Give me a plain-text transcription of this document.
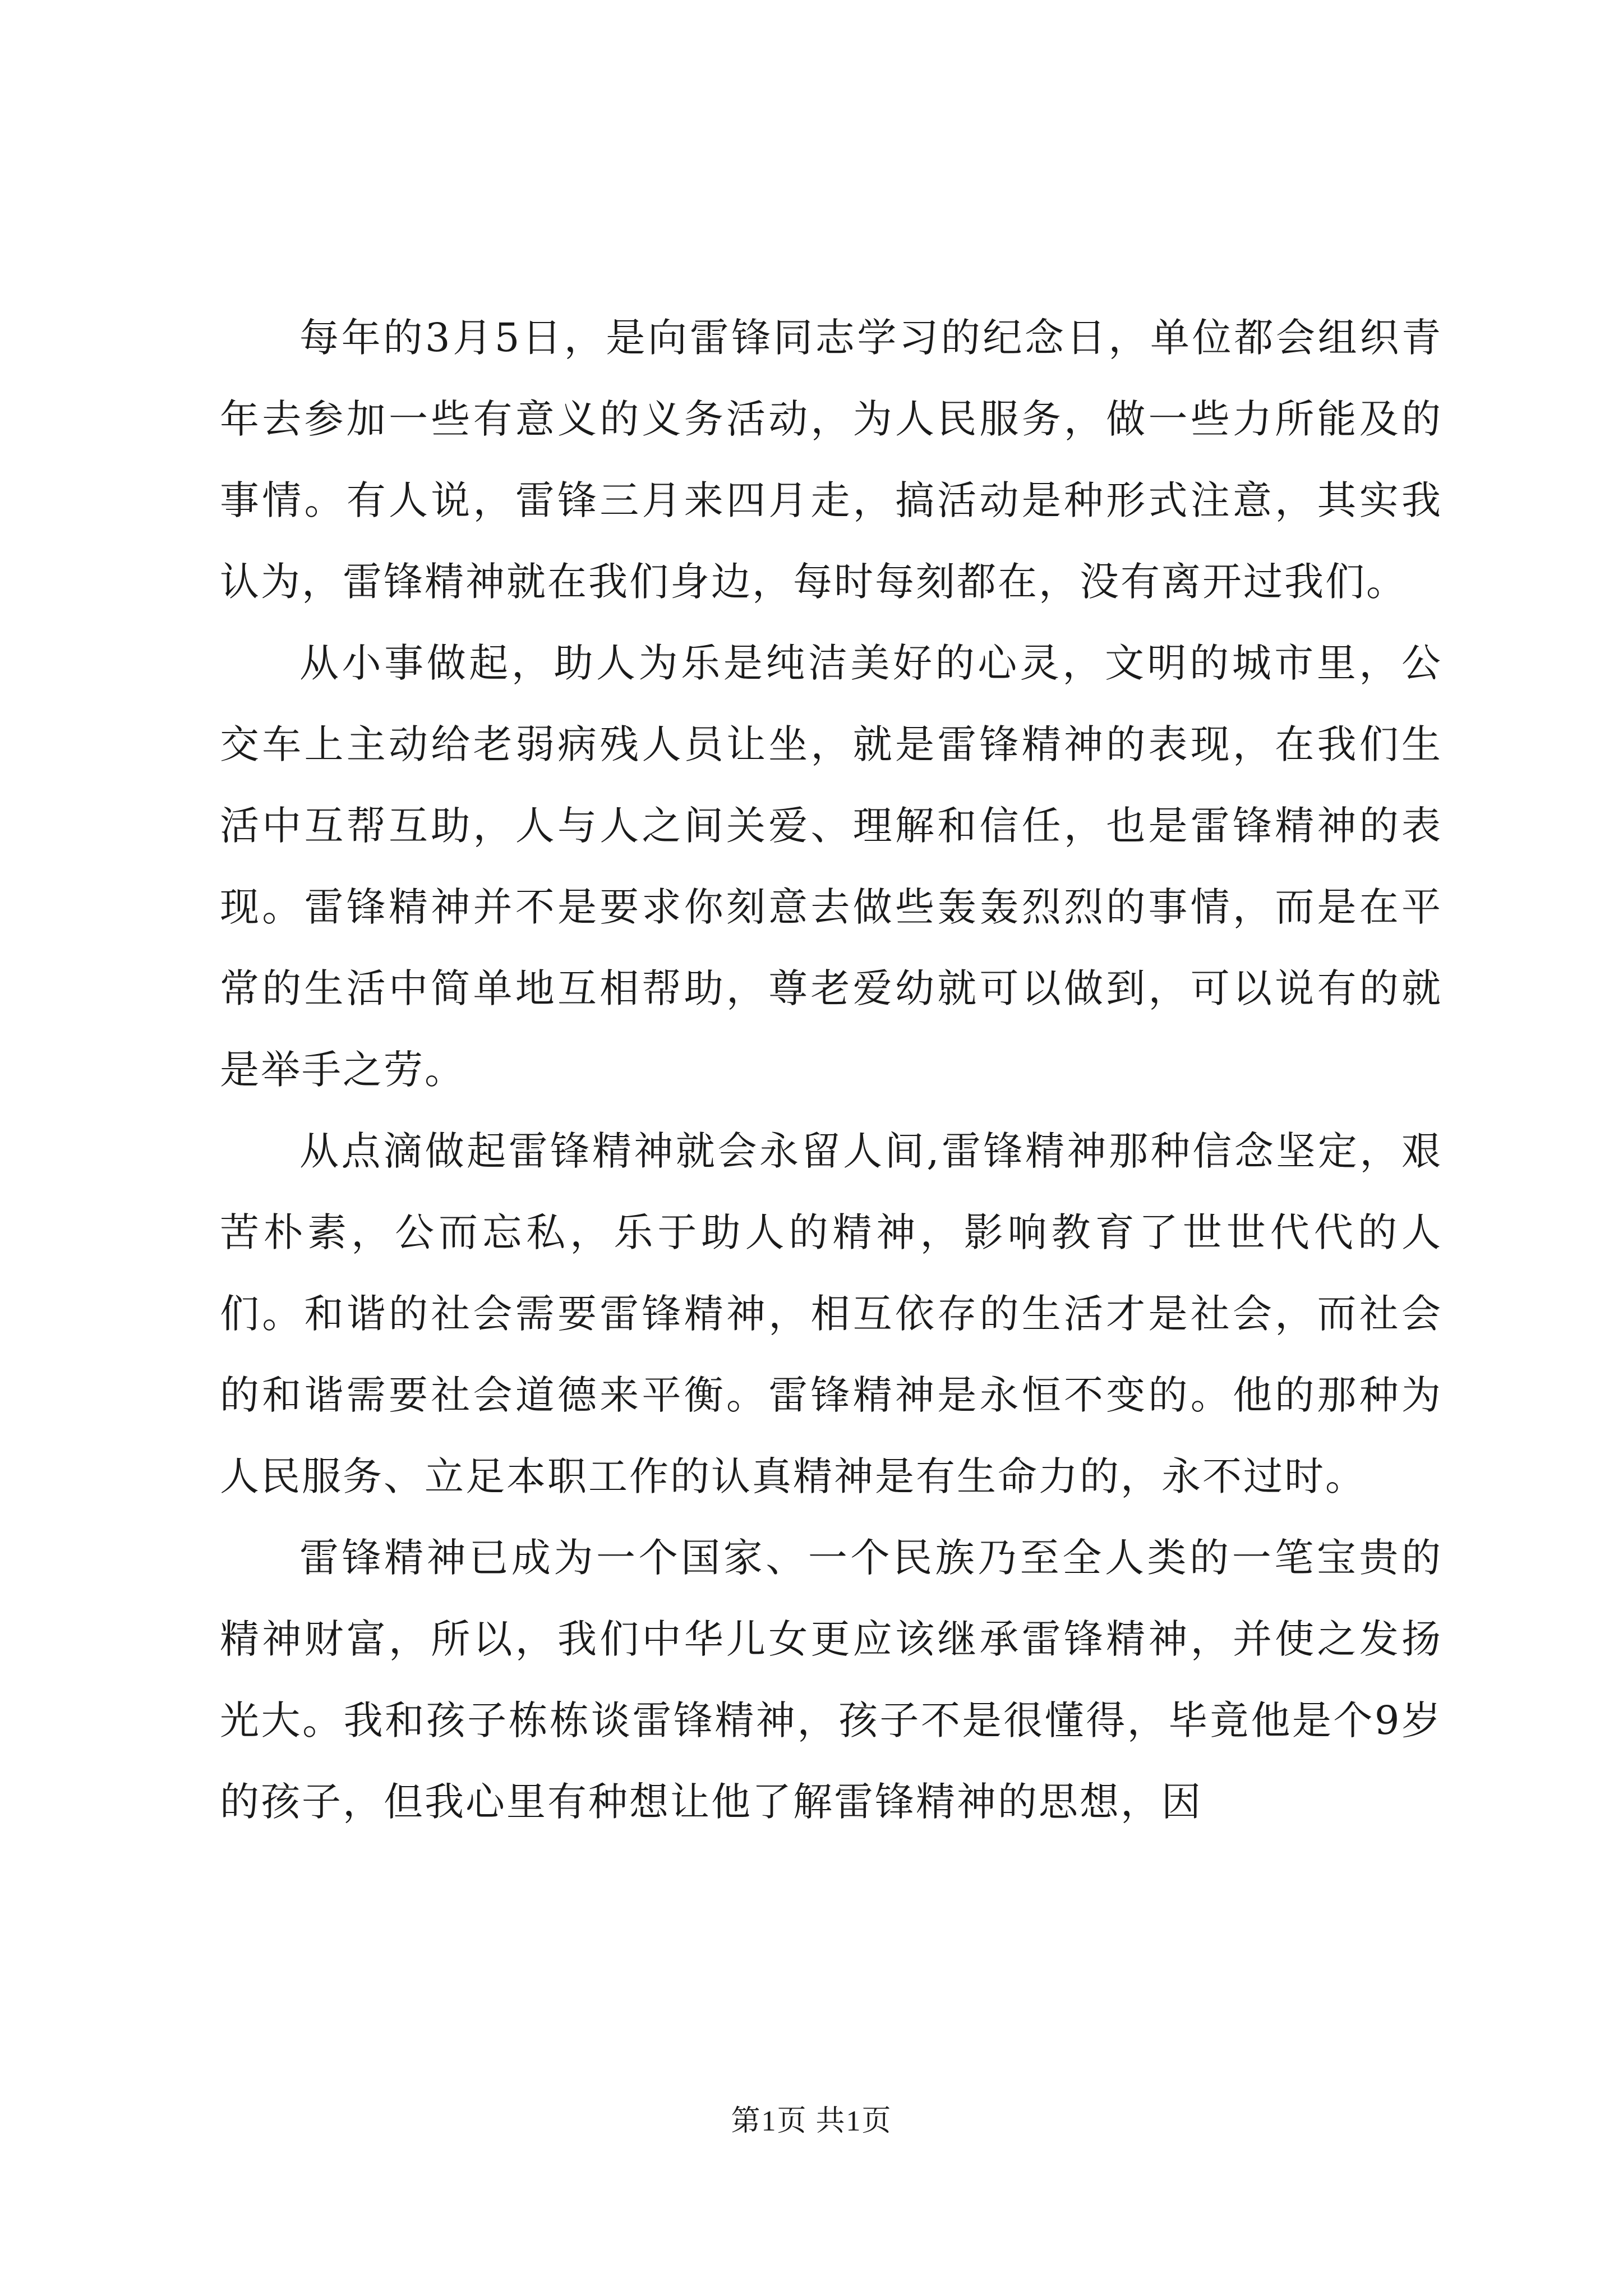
每年的3月5日，是向雷锋同志学习的纪念日，单位都会组织青年去参加一些有意义的义务活动，为人民服务，做一些力所能及的事情。有人说，雷锋三月来四月走，搞活动是种形式注意，其实我认为，雷锋精神就在我们身边，每时每刻都在，没有离开过我们。

从小事做起，助人为乐是纯洁美好的心灵，文明的城市里，公交车上主动给老弱病残人员让坐，就是雷锋精神的表现，在我们生活中互帮互助，人与人之间关爱、理解和信任，也是雷锋精神的表现。雷锋精神并不是要求你刻意去做些轰轰烈烈的事情，而是在平常的生活中简单地互相帮助，尊老爱幼就可以做到，可以说有的就是举手之劳。

从点滴做起雷锋精神就会永留人间,雷锋精神那种信念坚定，艰苦朴素，公而忘私，乐于助人的精神，影响教育了世世代代的人们。和谐的社会需要雷锋精神，相互依存的生活才是社会，而社会的和谐需要社会道德来平衡。雷锋精神是永恒不变的。他的那种为人民服务、立足本职工作的认真精神是有生命力的，永不过时。

雷锋精神已成为一个国家、一个民族乃至全人类的一笔宝贵的精神财富，所以，我们中华儿女更应该继承雷锋精神，并使之发扬光大。我和孩子栋栋谈雷锋精神，孩子不是很懂得，毕竟他是个9岁的孩子，但我心里有种想让他了解雷锋精神的思想，因

第1页 共1页
